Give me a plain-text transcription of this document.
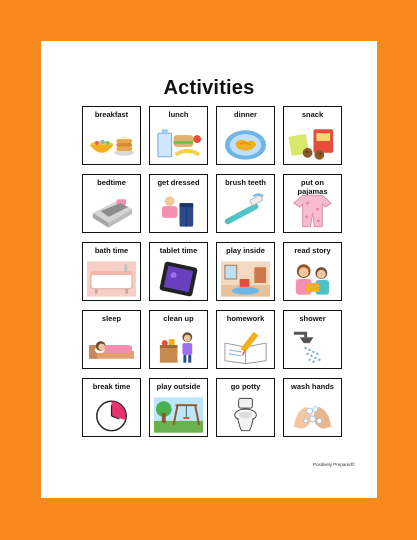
Activities
breakfast	lunch	dinner	snack
bedtime	get dressed	brush teeth	put on
pajamas
bath time	tablet time	play inside	read story
sleep	clean up	homework	shower
break time	play outside	go potty	wash hands
Positively Prepared©
